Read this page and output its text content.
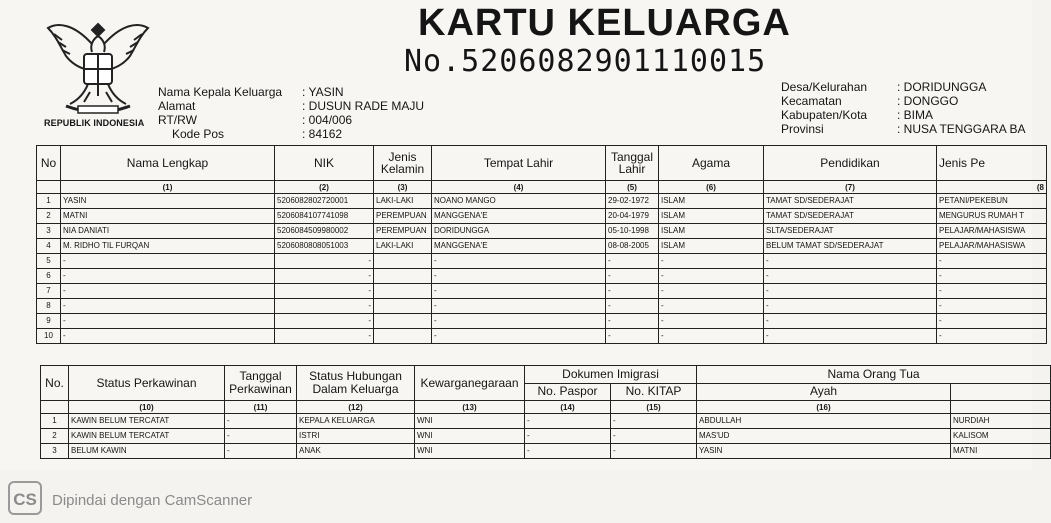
REPUBLIK INDONESIA
KARTU KELUARGA
No.5206082901110015
Nama Kepala Keluarga : YASIN
Alamat	: DUSUN RADE MAJU
RT/RW	: 004/006
Kode Pos	: 84162
Desa/Kelurahan : DORIDUNGGA
Kecamatan	: DONGGO
Kabupaten/Kota : BIMA
Provinsi	: NUSA TENGGARA BA
No	Nama Lengkap	NIK	Jenis Kelamin	Tempat Lahir	Tanggal Lahir	Agama	Pendidikan	Jenis Pe
	(1)	(2)	(3)	(4)	(5)	(6)	(7)	(8
1	YASIN	5206082802720001	LAKI-LAKI	NOANO MANGO	29-02-1972	ISLAM	TAMAT SD/SEDERAJAT	PETANI/PEKEBUN
2	MATNI	5206084107741098	PEREMPUAN	MANGGENA'E	20-04-1979	ISLAM	TAMAT SD/SEDERAJAT	MENGURUS RUMAH T
3	NIA DANIATI	5206084509980002	PEREMPUAN	DORIDUNGGA	05-10-1998	ISLAM	SLTA/SEDERAJAT	PELAJAR/MAHASISWA
4	M. RIDHO TIL FURQAN	5206080808051003	LAKI-LAKI	MANGGENA'E	08-08-2005	ISLAM	BELUM TAMAT SD/SEDERAJAT	PELAJAR/MAHASISWA
5	-	-		-	-	-	-	-
6	-	-		-	-	-	-	-
7	-	-		-	-	-	-	-
8	-	-		-	-	-	-	-
9	-	-		-	-	-	-	-
10	-	-		-	-	-	-	-
No.	Status Perkawinan	Tanggal Perkawinan	Status Hubungan Dalam Keluarga	Kewarganegaraan	Dokumen Imigrasi		Nama Orang Tua	
					No. Paspor	No. KITAP	Ayah	
	(10)	(11)	(12)	(13)	(14)	(15)	(16)	
1	KAWIN BELUM TERCATAT	-	KEPALA KELUARGA	WNI	-	-	ABDULLAH	NURDIAH
2	KAWIN BELUM TERCATAT	-	ISTRI	WNI	-	-	MAS'UD	KALISOM
3	BELUM KAWIN	-	ANAK	WNI	-	-	YASIN	MATNI
CS	Dipindai dengan CamScanner
